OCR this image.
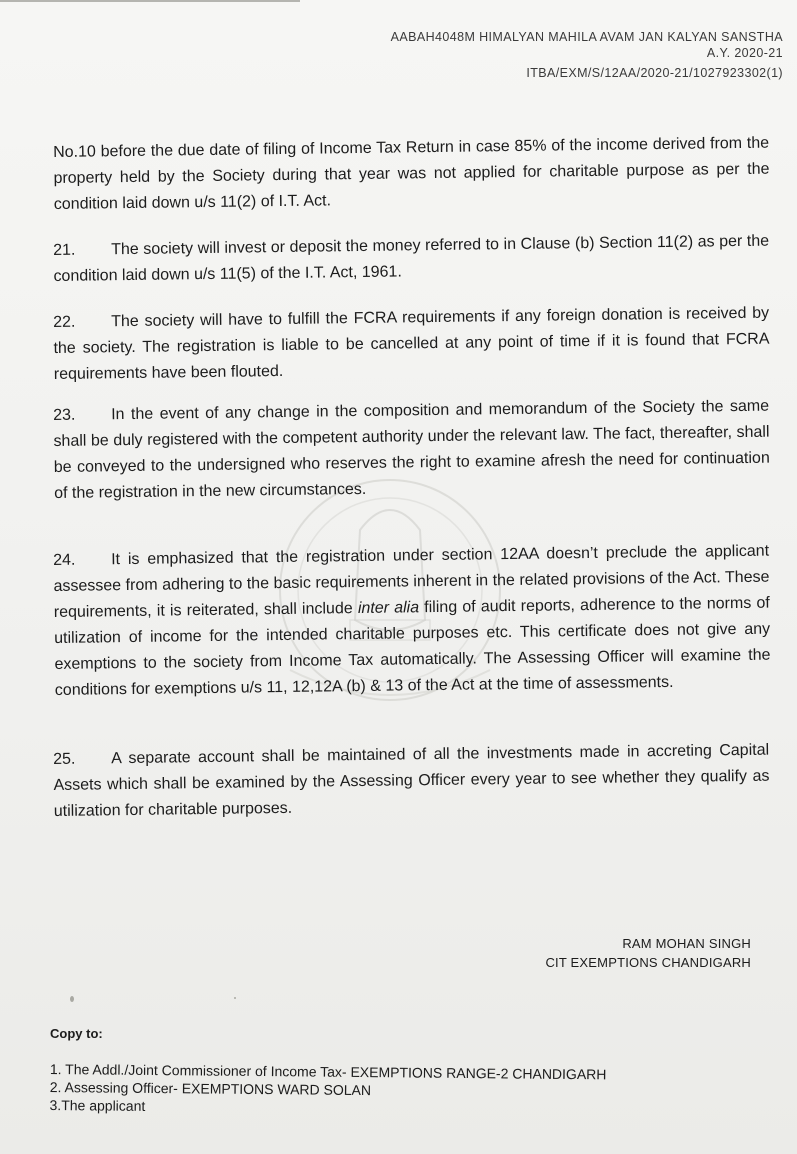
AABAH4048M HIMALYAN MAHILA AVAM JAN KALYAN SANSTHA
A.Y. 2020-21
ITBA/EXM/S/12AA/2020-21/1027923302(1)
No.10 before the due date of filing of Income Tax Return in case 85% of the income derived from the property held by the Society during that year was not applied for charitable purpose as per the condition laid down u/s 11(2) of I.T. Act.
21. The society will invest or deposit the money referred to in Clause (b) Section 11(2) as per the condition laid down u/s 11(5) of the I.T. Act, 1961.
22. The society will have to fulfill the FCRA requirements if any foreign donation is received by the society. The registration is liable to be cancelled at any point of time if it is found that FCRA requirements have been flouted.
23. In the event of any change in the composition and memorandum of the Society the same shall be duly registered with the competent authority under the relevant law. The fact, thereafter, shall be conveyed to the undersigned who reserves the right to examine afresh the need for continuation of the registration in the new circumstances.
24. It is emphasized that the registration under section 12AA doesn’t preclude the applicant assessee from adhering to the basic requirements inherent in the related provisions of the Act. These requirements, it is reiterated, shall include inter alia filing of audit reports, adherence to the norms of utilization of income for the intended charitable purposes etc. This certificate does not give any exemptions to the society from Income Tax automatically. The Assessing Officer will examine the conditions for exemptions u/s 11, 12,12A (b) & 13 of the Act at the time of assessments.
25. A separate account shall be maintained of all the investments made in accreting Capital Assets which shall be examined by the Assessing Officer every year to see whether they qualify as utilization for charitable purposes.
RAM MOHAN SINGH
CIT EXEMPTIONS CHANDIGARH
Copy to:
1. The Addl./Joint Commissioner of Income Tax- EXEMPTIONS RANGE-2 CHANDIGARH
2. Assessing Officer- EXEMPTIONS WARD SOLAN
3.The applicant
